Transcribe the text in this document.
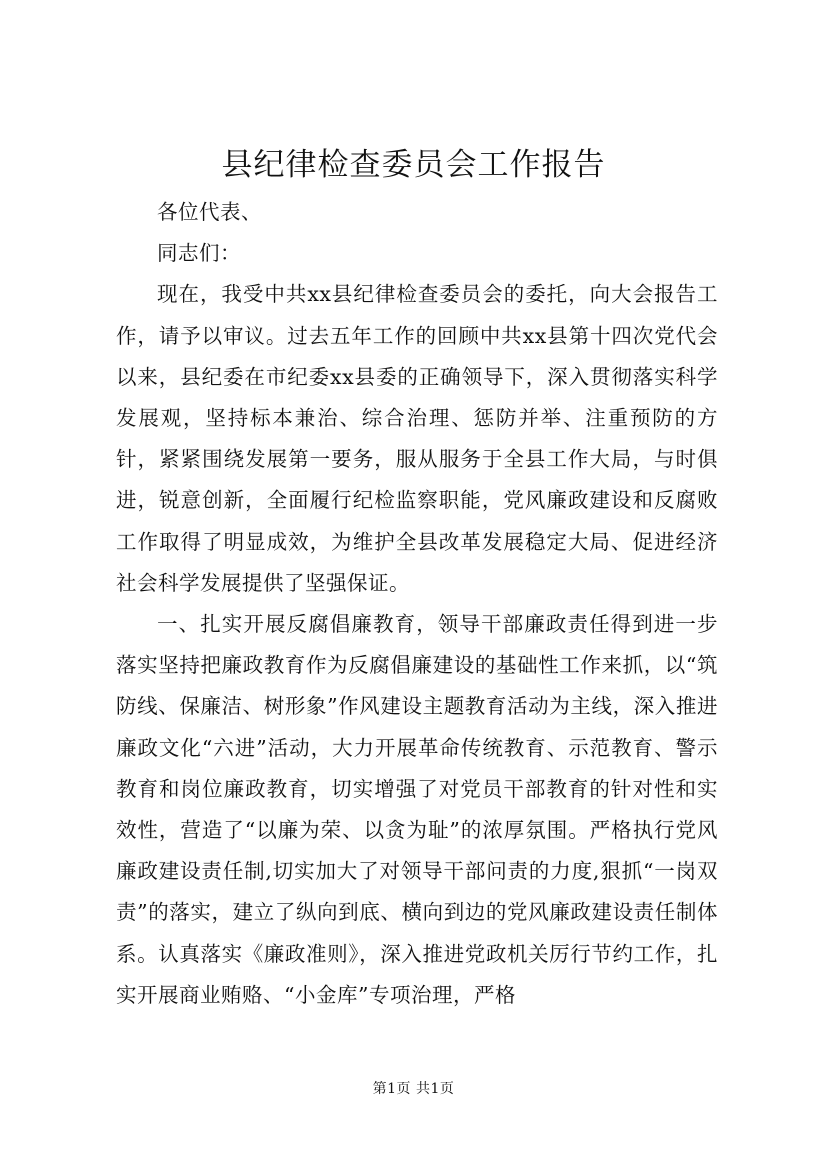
县纪律检查委员会工作报告

各位代表、

同志们：

现在，我受中共xx县纪律检查委员会的委托，向大会报告工作，请予以审议。过去五年工作的回顾中共xx县第十四次党代会以来，县纪委在市纪委xx县委的正确领导下，深入贯彻落实科学发展观，坚持标本兼治、综合治理、惩防并举、注重预防的方针，紧紧围绕发展第一要务，服从服务于全县工作大局，与时俱进，锐意创新，全面履行纪检监察职能，党风廉政建设和反腐败工作取得了明显成效，为维护全县改革发展稳定大局、促进经济社会科学发展提供了坚强保证。

一、扎实开展反腐倡廉教育，领导干部廉政责任得到进一步落实坚持把廉政教育作为反腐倡廉建设的基础性工作来抓，以“筑防线、保廉洁、树形象”作风建设主题教育活动为主线，深入推进廉政文化“六进”活动，大力开展革命传统教育、示范教育、警示教育和岗位廉政教育，切实增强了对党员干部教育的针对性和实效性，营造了“以廉为荣、以贪为耻”的浓厚氛围。严格执行党风廉政建设责任制,切实加大了对领导干部问责的力度,狠抓“一岗双责”的落实，建立了纵向到底、横向到边的党风廉政建设责任制体系。认真落实《廉政准则》，深入推进党政机关厉行节约工作，扎实开展商业贿赂、“小金库”专项治理，严格

第1页 共1页
